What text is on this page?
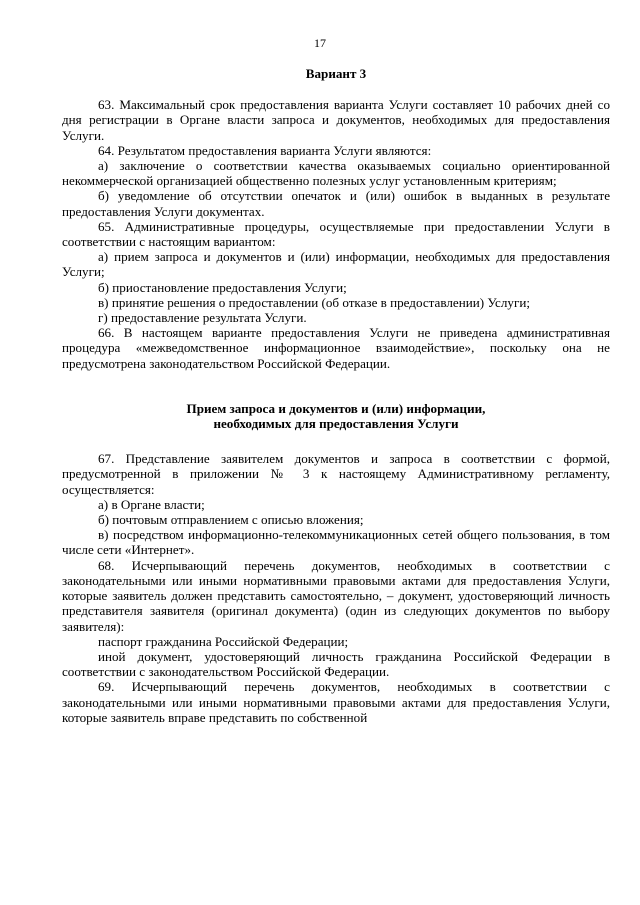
17

Вариант 3

63. Максимальный срок предоставления варианта Услуги составляет 10 рабочих дней со дня регистрации в Органе власти запроса и документов, необходимых для предоставления Услуги.

64. Результатом предоставления варианта Услуги являются:

а) заключение о соответствии качества оказываемых социально ориентированной некоммерческой организацией общественно полезных услуг установленным критериям;

б) уведомление об отсутствии опечаток и (или) ошибок в выданных в результате предоставления Услуги документах.

65. Административные процедуры, осуществляемые при предоставлении Услуги в соответствии с настоящим вариантом:

а) прием запроса и документов и (или) информации, необходимых для предоставления Услуги;

б) приостановление предоставления Услуги;

в) принятие решения о предоставлении (об отказе в предоставлении) Услуги;

г) предоставление результата Услуги.

66. В настоящем варианте предоставления Услуги не приведена административная процедура «межведомственное информационное взаимодействие», поскольку она не предусмотрена законодательством Российской Федерации.

Прием запроса и документов и (или) информации,
необходимых для предоставления Услуги

67. Представление заявителем документов и запроса в соответствии с формой, предусмотренной в приложении № 3 к настоящему Административному регламенту, осуществляется:

а) в Органе власти;

б) почтовым отправлением с описью вложения;

в) посредством информационно-телекоммуникационных сетей общего пользования, в том числе сети «Интернет».

68. Исчерпывающий перечень документов, необходимых в соответствии с законодательными или иными нормативными правовыми актами для предоставления Услуги, которые заявитель должен представить самостоятельно, – документ, удостоверяющий личность представителя заявителя (оригинал документа) (один из следующих документов по выбору заявителя):

паспорт гражданина Российской Федерации;

иной документ, удостоверяющий личность гражданина Российской Федерации в соответствии с законодательством Российской Федерации.

69. Исчерпывающий перечень документов, необходимых в соответствии с законодательными или иными нормативными правовыми актами для предоставления Услуги, которые заявитель вправе представить по собственной
